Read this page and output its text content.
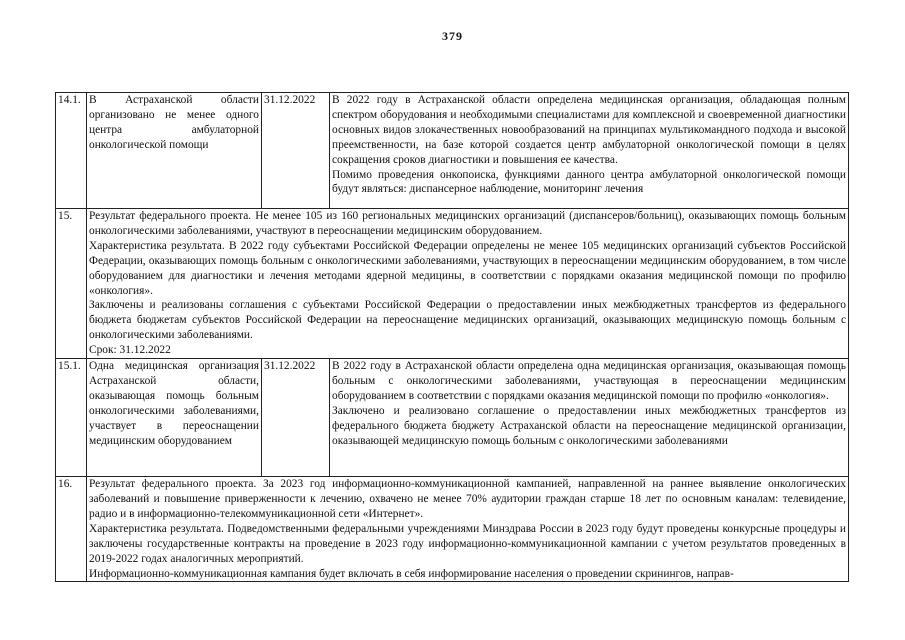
379
14.1.	В Астраханской области организовано не менее одного центра амбулаторной онкологической помощи	31.12.2022	В 2022 году в Астраханской области определена медицинская организация, обладающая полным спектром оборудования и необходимыми специалистами для комплексной и своевременной диагностики основных видов злокачественных новообразований на принципах мультикомандного подхода и высокой преемственности, на базе которой создается центр амбулаторной онкологической помощи в целях сокращения сроков диагностики и повышения ее качества.

Помимо проведения онкопоиска, функциями данного центра амбулаторной онкологической помощи будут являться: диспансерное наблюдение, мониторинг лечения

15.	Результат федерального проекта. Не менее 105 из 160 региональных медицинских организаций (диспансеров/больниц), оказывающих помощь больным онкологическими заболеваниями, участвуют в переоснащении медицинским оборудованием.

Характеристика результата. В 2022 году субъектами Российской Федерации определены не менее 105 медицинских организаций субъектов Российской Федерации, оказывающих помощь больным с онкологическими заболеваниями, участвующих в переоснащении медицинским оборудованием, в том числе оборудованием для диагностики и лечения методами ядерной медицины, в соответствии с порядками оказания медицинской помощи по профилю «онкология».

Заключены и реализованы соглашения с субъектами Российской Федерации о предоставлении иных межбюджетных трансфертов из федерального бюджета бюджетам субъектов Российской Федерации на переоснащение медицинских организаций, оказывающих медицинскую помощь больным с онкологическими заболеваниями.

Срок: 31.12.2022		

15.1.	Одна медицинская организация Астраханской области, оказывающая помощь больным онкологическими заболеваниями, участвует в переоснащении медицинским оборудованием	31.12.2022	В 2022 году в Астраханской области определена одна медицинская организация, оказывающая помощь больным с онкологическими заболеваниями, участвующая в переоснащении медицинским оборудованием в соответствии с порядками оказания медицинской помощи по профилю «онкология».

Заключено и реализовано соглашение о предоставлении иных межбюджетных трансфертов из федерального бюджета бюджету Астраханской области на переоснащение медицинской организации, оказывающей медицинскую помощь больным с онкологическими заболеваниями

16.	Результат федерального проекта. За 2023 год информационно-коммуникационной кампанией, направленной на раннее выявление онкологических заболеваний и повышение приверженности к лечению, охвачено не менее 70% аудитории граждан старше 18 лет по основным каналам: телевидение, радио и в информационно-телекоммуникационной сети «Интернет».

Характеристика результата. Подведомственными федеральными учреждениями Минздрава России в 2023 году будут проведены конкурсные процедуры и заключены государственные контракты на проведение в 2023 году информационно-коммуникационной кампании с учетом результатов проведенных в 2019-2022 годах аналогичных мероприятий.

Информационно-коммуникационная кампания будет включать в себя информирование населения о проведении скринингов, направ-		
